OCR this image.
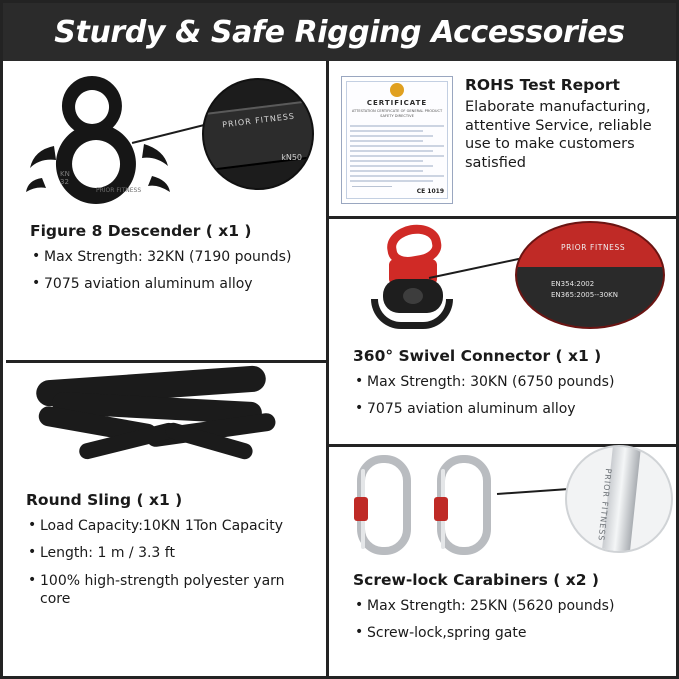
Sturdy & Safe Rigging Accessories
KN
32
PRIOR FITNESS
PRIOR FITNESS
kN50
Figure 8 Descender ( x1 )
• Max Strength: 32KN (7190 pounds)
• 7075 aviation aluminum alloy
CERTIFICATE
ATTESTATION CERTIFICATE OF GENERAL PRODUCT SAFETY DIRECTIVE
CE 1019
ROHS Test Report
Elaborate manufacturing, attentive Service, reliable use to make customers satisfied
PRIOR FITNESS
EN354:2002
EN365:2005--30KN
360° Swivel Connector ( x1 )
• Max Strength: 30KN (6750 pounds)
• 7075 aviation aluminum alloy
Round Sling ( x1 )
• Load Capacity:10KN 1Ton Capacity
• Length: 1 m / 3.3 ft
• 100% high-strength polyester yarn core
PRIOR FITNESS
Screw-lock Carabiners ( x2 )
• Max Strength: 25KN (5620 pounds)
• Screw-lock,spring gate
